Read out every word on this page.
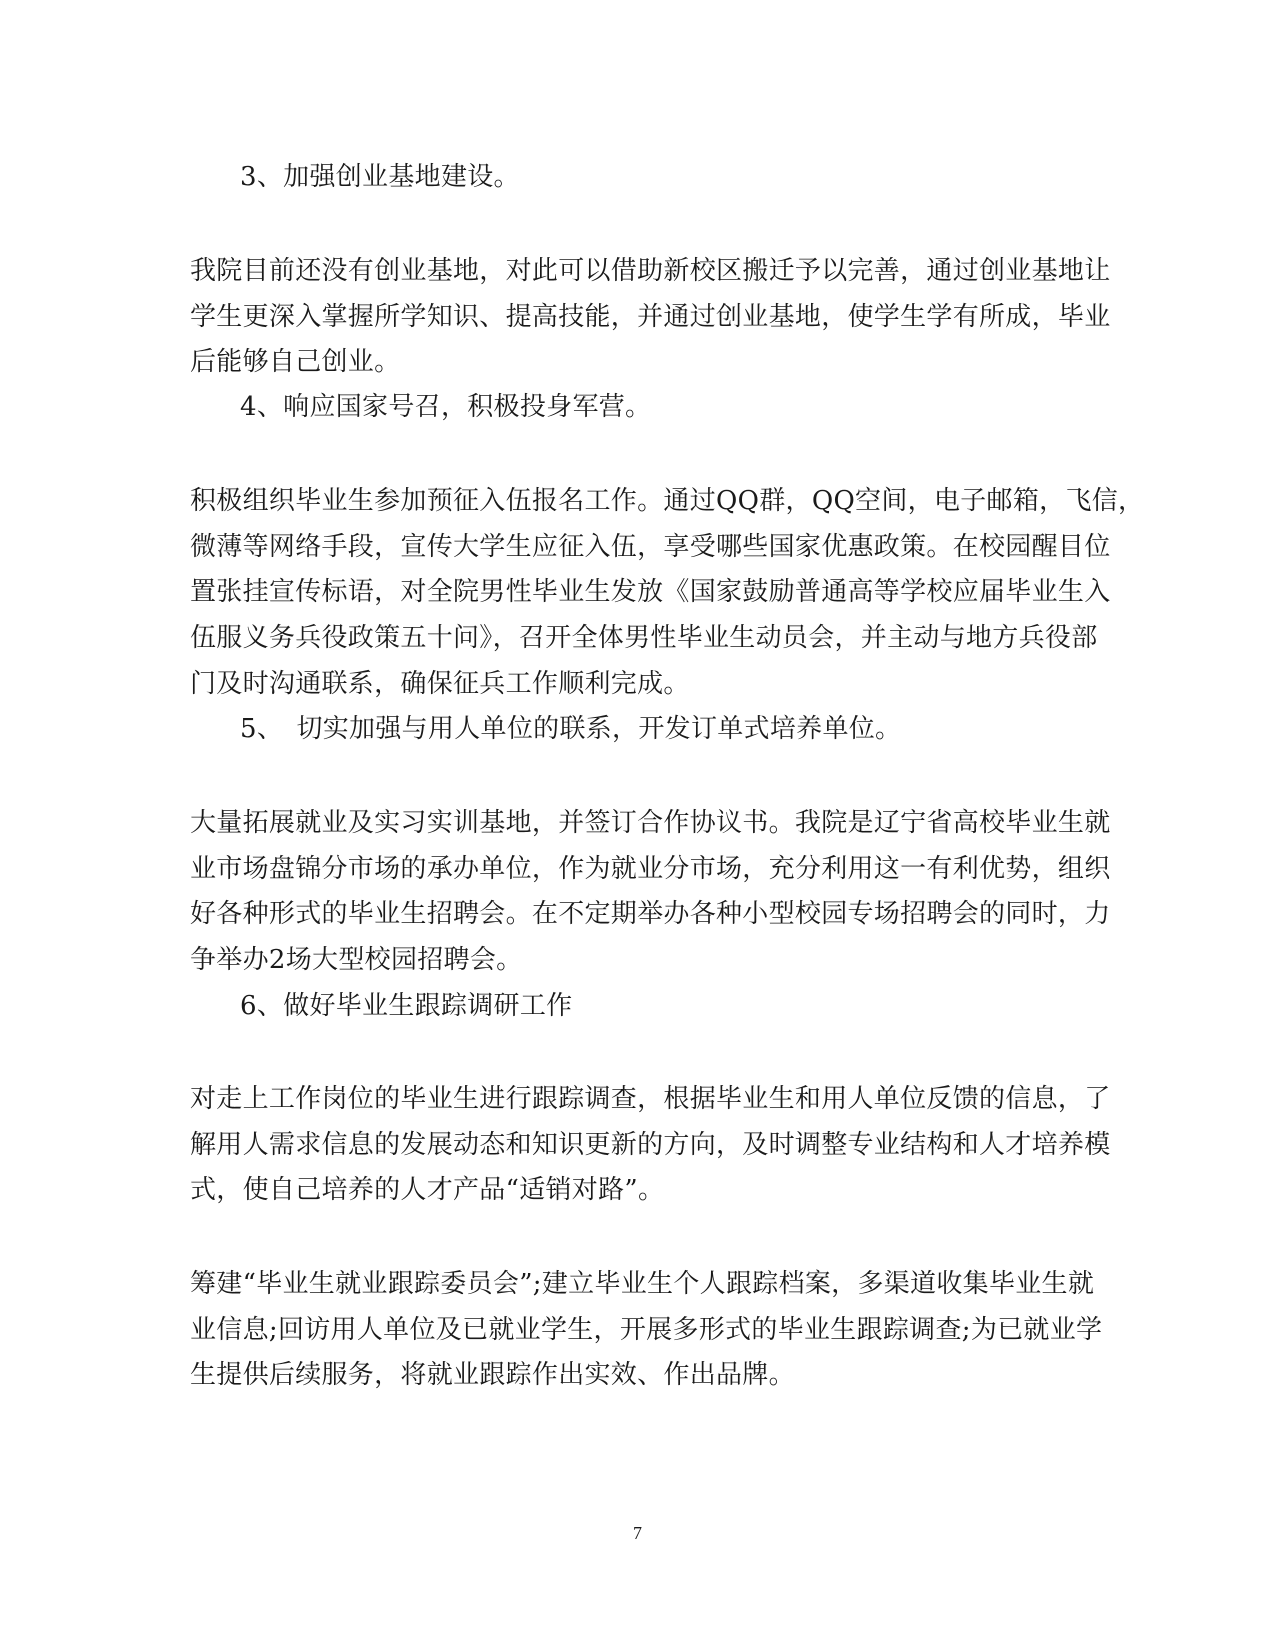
3、加强创业基地建设。
我院目前还没有创业基地，对此可以借助新校区搬迁予以完善，通过创业基地让
学生更深入掌握所学知识、提高技能，并通过创业基地，使学生学有所成，毕业
后能够自己创业。
4、响应国家号召，积极投身军营。
积极组织毕业生参加预征入伍报名工作。通过QQ群，QQ空间，电子邮箱，飞信，
微薄等网络手段，宣传大学生应征入伍，享受哪些国家优惠政策。在校园醒目位
置张挂宣传标语，对全院男性毕业生发放《国家鼓励普通高等学校应届毕业生入
伍服义务兵役政策五十问》，召开全体男性毕业生动员会，并主动与地方兵役部
门及时沟通联系，确保征兵工作顺利完成。
5、　切实加强与用人单位的联系，开发订单式培养单位。
大量拓展就业及实习实训基地，并签订合作协议书。我院是辽宁省高校毕业生就
业市场盘锦分市场的承办单位，作为就业分市场，充分利用这一有利优势，组织
好各种形式的毕业生招聘会。在不定期举办各种小型校园专场招聘会的同时，力
争举办2场大型校园招聘会。
6、做好毕业生跟踪调研工作
对走上工作岗位的毕业生进行跟踪调查，根据毕业生和用人单位反馈的信息，了
解用人需求信息的发展动态和知识更新的方向，及时调整专业结构和人才培养模
式，使自己培养的人才产品“适销对路”。
筹建“毕业生就业跟踪委员会”;建立毕业生个人跟踪档案，多渠道收集毕业生就
业信息;回访用人单位及已就业学生，开展多形式的毕业生跟踪调查;为已就业学
生提供后续服务，将就业跟踪作出实效、作出品牌。
7
